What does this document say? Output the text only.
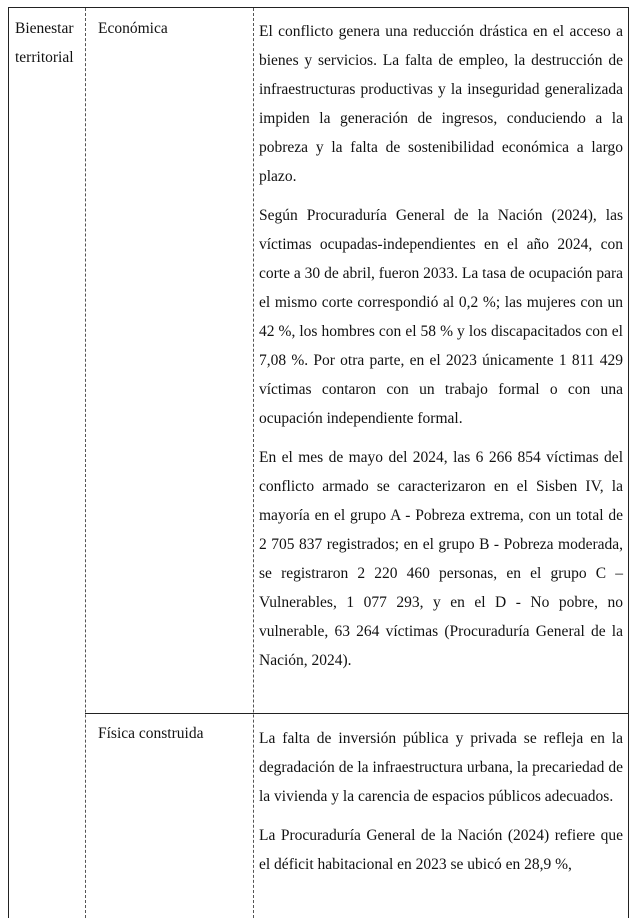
Bienestar territorial
Económica	El conflicto genera una reducción drástica en el acceso a bienes y servicios. La falta de empleo, la destrucción de infraestructuras productivas y la inseguridad generalizada impiden la generación de ingresos, conduciendo a la pobreza y la falta de sostenibilidad económica a largo plazo.

Según Procuraduría General de la Nación (2024), las víctimas ocupadas-independientes en el año 2024, con corte a 30 de abril, fueron 2033. La tasa de ocupación para el mismo corte correspondió al 0,2 %; las mujeres con un 42 %, los hombres con el 58 % y los discapacitados con el 7,08 %. Por otra parte, en el 2023 únicamente 1 811 429 víctimas contaron con un trabajo formal o con una ocupación independiente formal.

En el mes de mayo del 2024, las 6 266 854 víctimas del conflicto armado se caracterizaron en el Sisben IV, la mayoría en el grupo A - Pobreza extrema, con un total de 2 705 837 registrados; en el grupo B - Pobreza moderada, se registraron 2 220 460 personas, en el grupo C – Vulnerables, 1 077 293, y en el D - No pobre, no vulnerable, 63 264 víctimas (Procuraduría General de la Nación, 2024).

Física construida	La falta de inversión pública y privada se refleja en la degradación de la infraestructura urbana, la precariedad de la vivienda y la carencia de espacios públicos adecuados.

La Procuraduría General de la Nación (2024) refiere que el déficit habitacional en 2023 se ubicó en 28,9 %,
